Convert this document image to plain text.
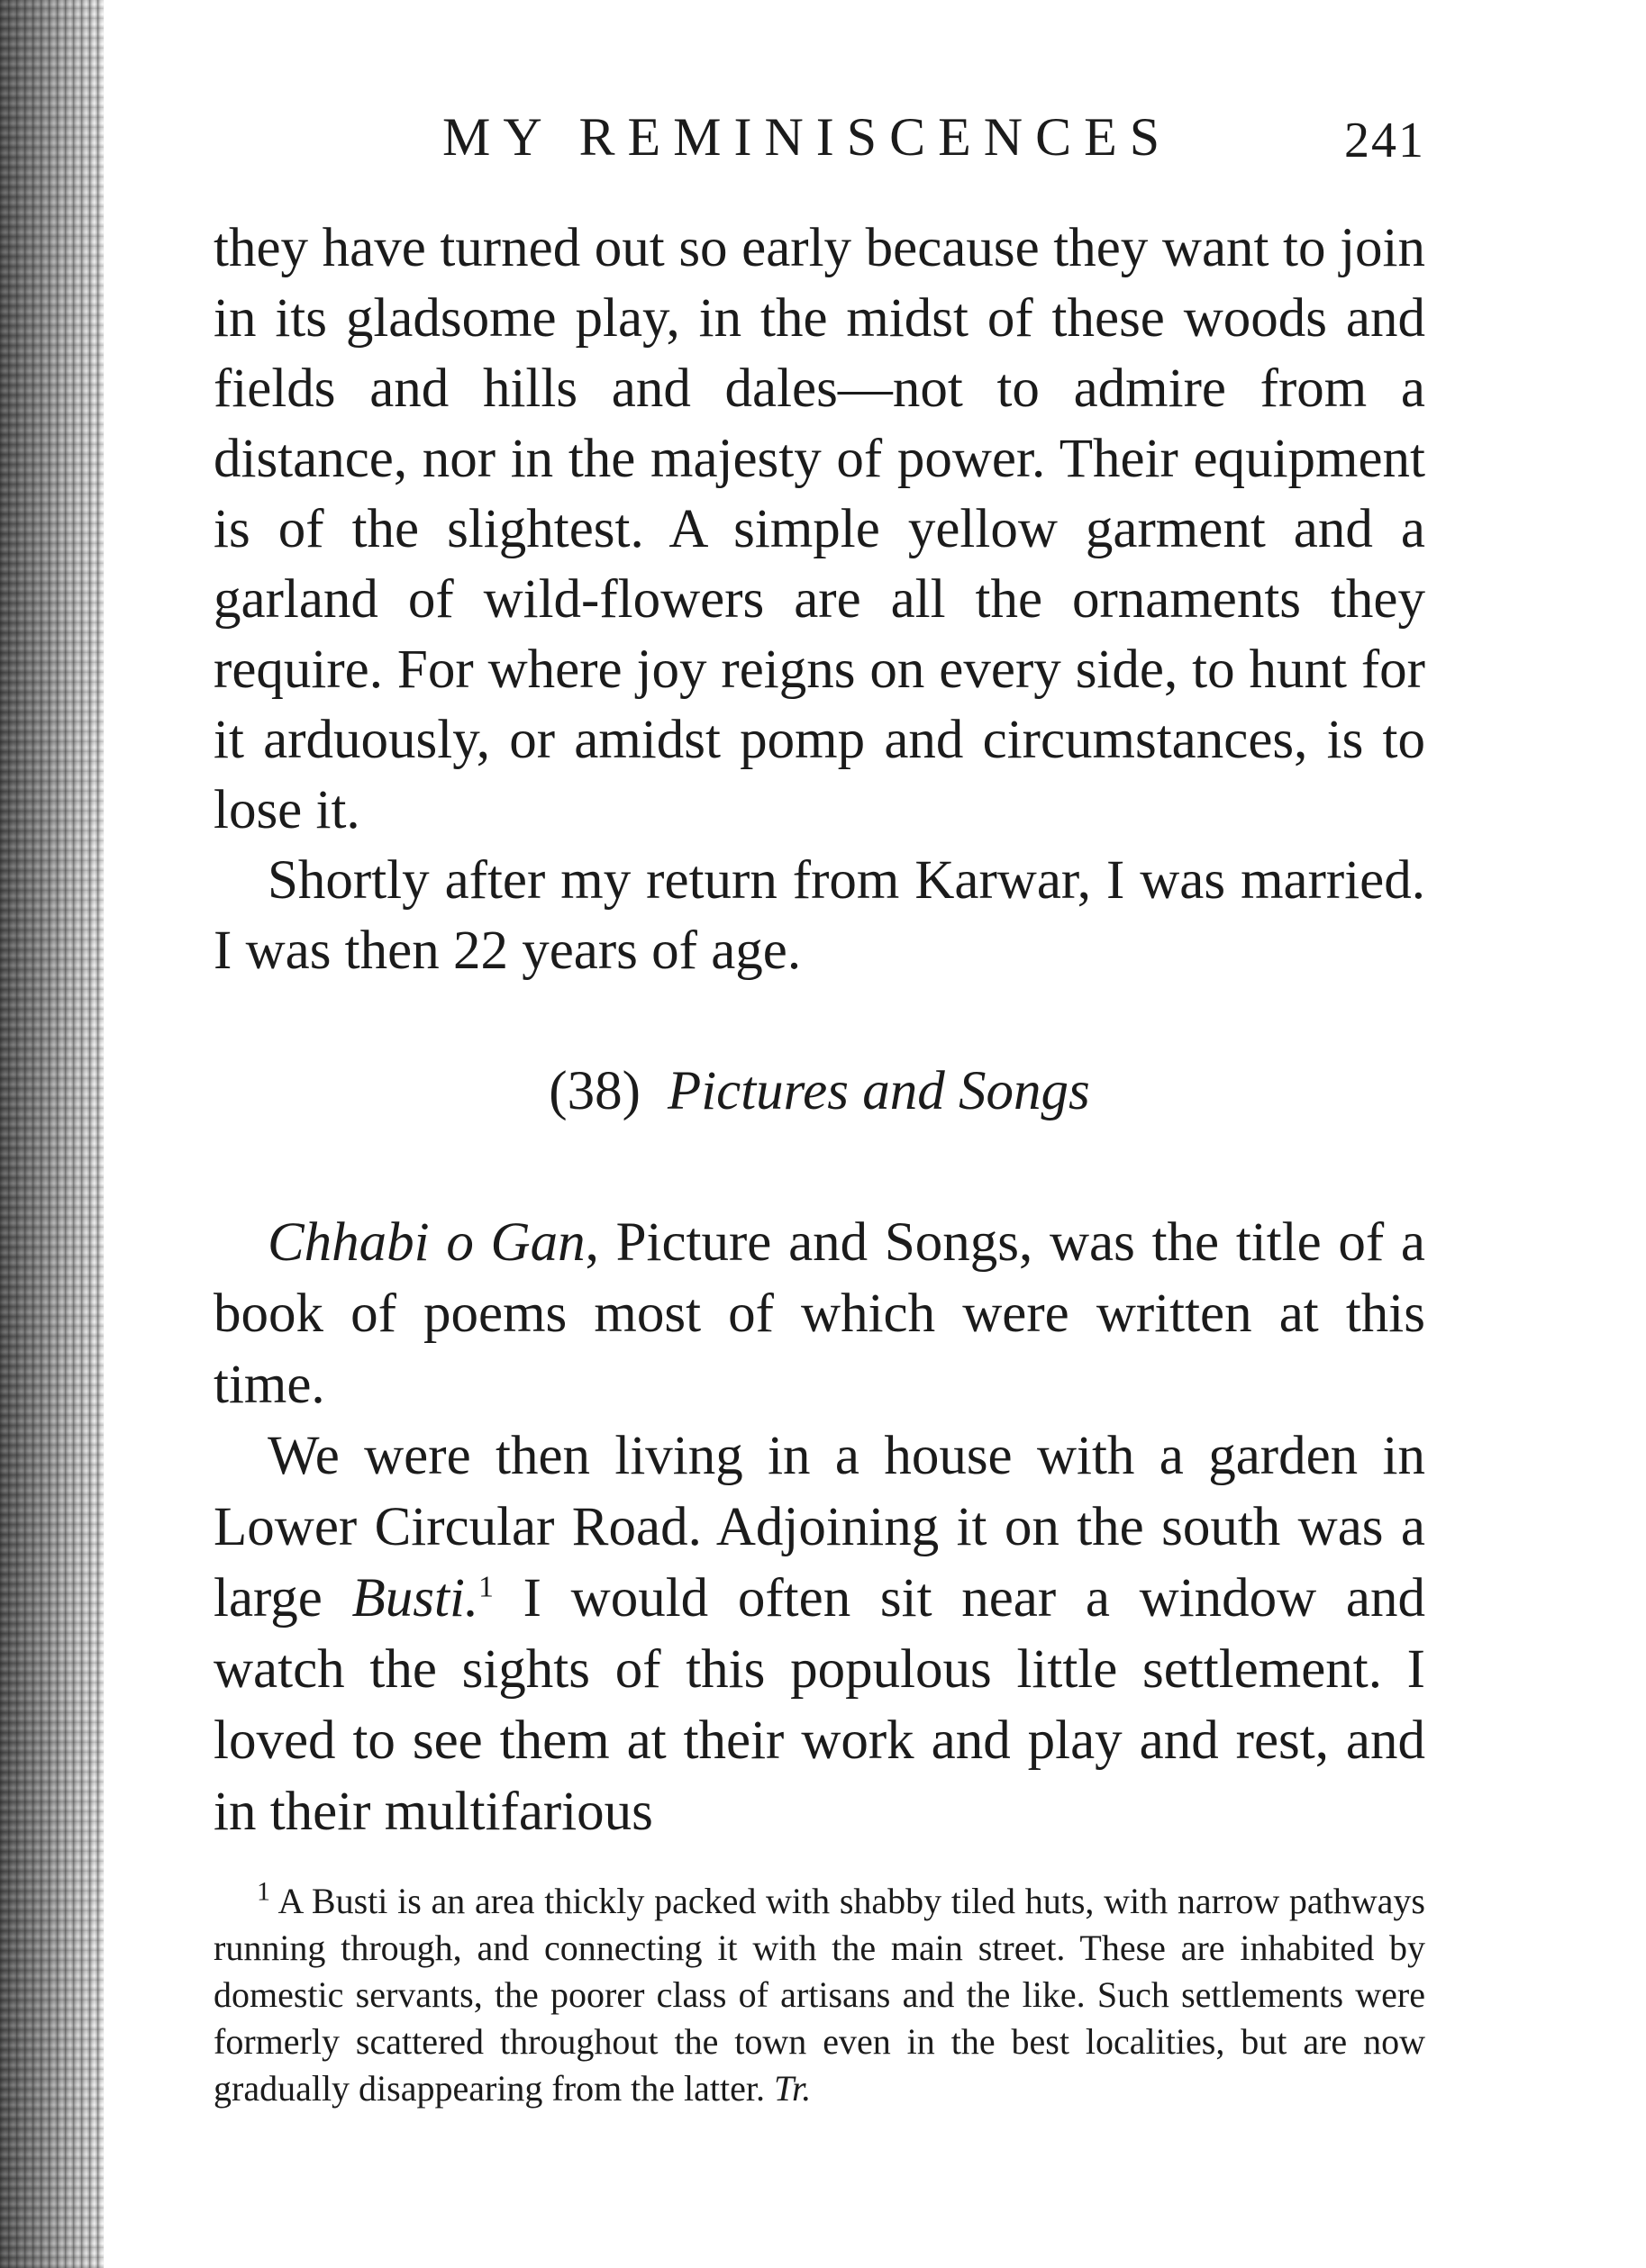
MY REMINISCENCES	241

they have turned out so early because they want to join in its gladsome play, in the midst of these woods and fields and hills and dales—not to admire from a distance, nor in the majesty of power. Their equipment is of the slightest. A simple yellow garment and a garland of wild-flowers are all the ornaments they require. For where joy reigns on every side, to hunt for it arduously, or amidst pomp and circumstances, is to lose it.

Shortly after my return from Karwar, I was married. I was then 22 years of age.

(38) Pictures and Songs

Chhabi o Gan, Picture and Songs, was the title of a book of poems most of which were written at this time.

We were then living in a house with a garden in Lower Circular Road. Adjoining it on the south was a large Busti.$^1$ I would often sit near a window and watch the sights of this populous little settlement. I loved to see them at their work and play and rest, and in their multifarious

$^1$ A Busti is an area thickly packed with shabby tiled huts, with narrow pathways running through, and connecting it with the main street. These are inhabited by domestic servants, the poorer class of artisans and the like. Such settlements were formerly scattered throughout the town even in the best localities, but are now gradually disappearing from the latter. Tr.
